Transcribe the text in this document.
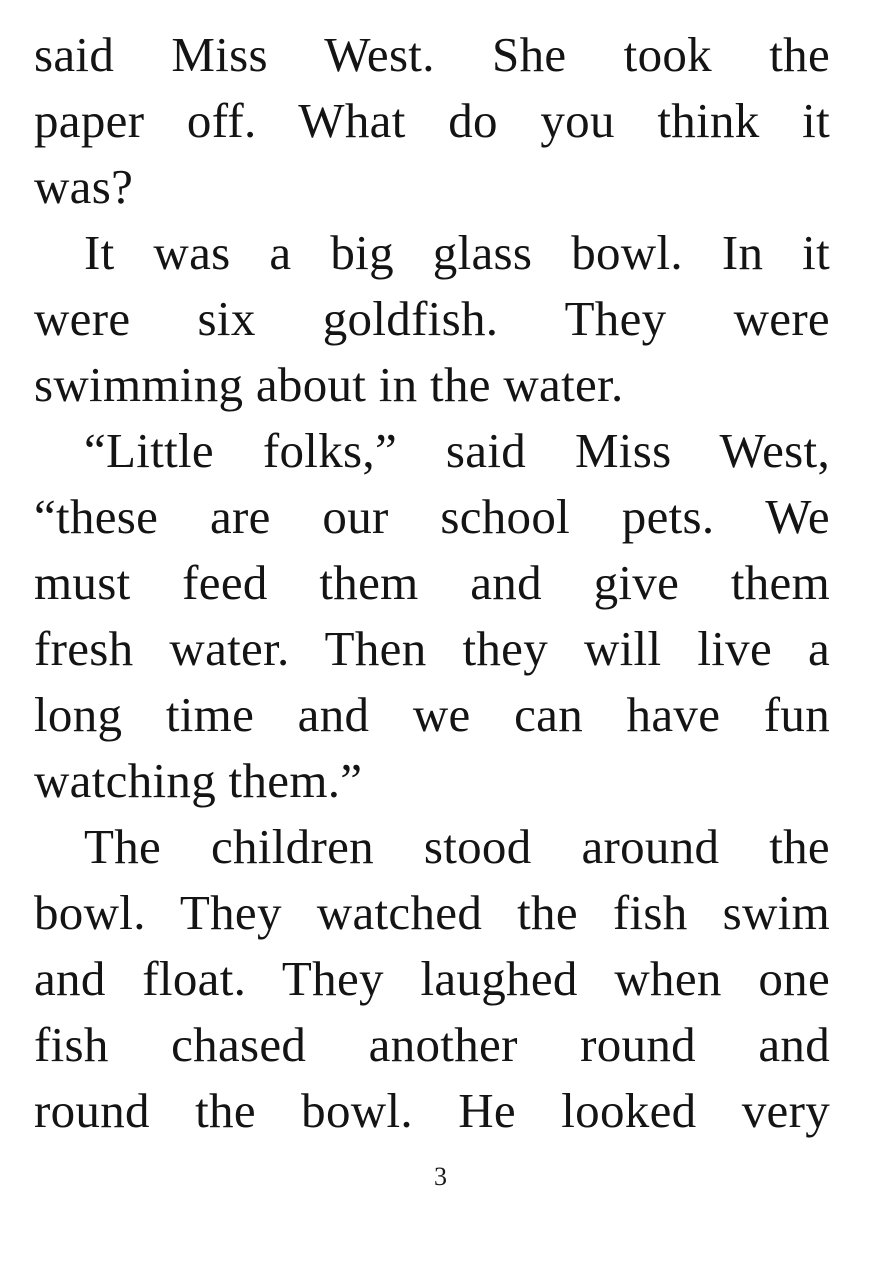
said Miss West. She took the
paper off. What do you think it
was?
It was a big glass bowl. In it
were six goldfish. They were
swimming about in the water.
“Little folks,” said Miss West,
“these are our school pets. We
must feed them and give them
fresh water. Then they will live a
long time and we can have fun
watching them.”
The children stood around the
bowl. They watched the fish swim
and float. They laughed when one
fish chased another round and
round the bowl. He looked very
3
